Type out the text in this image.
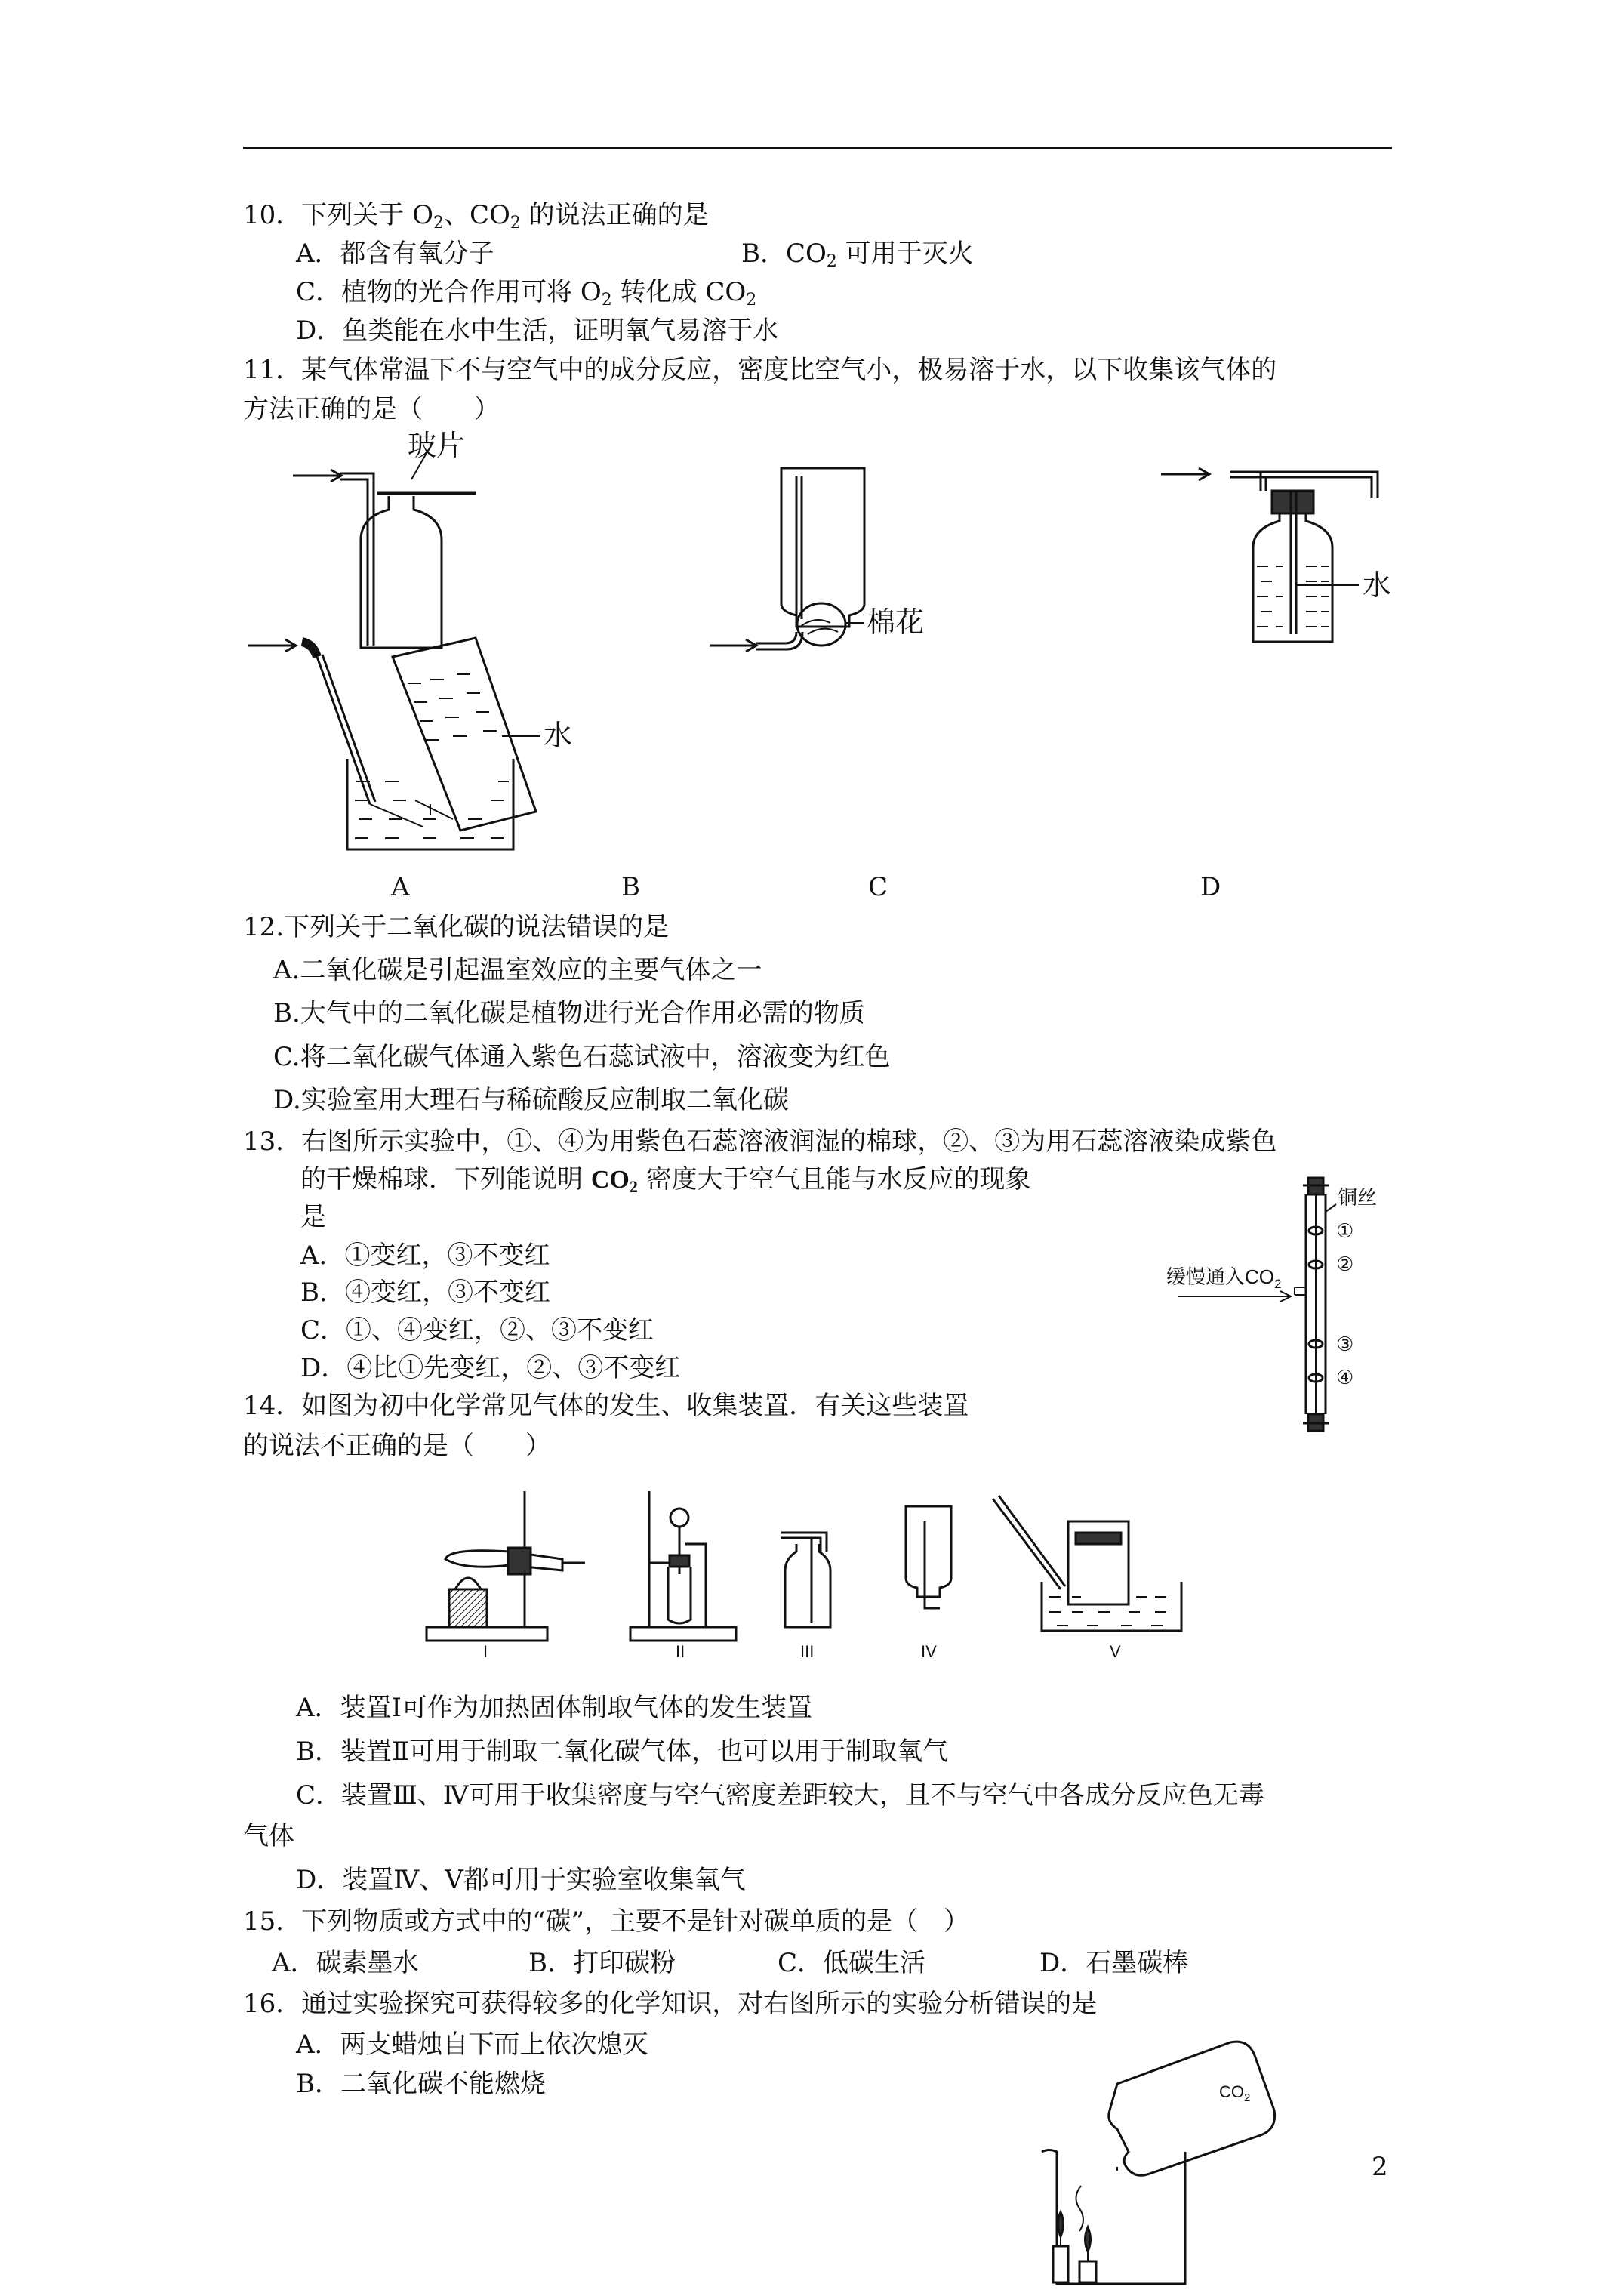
10．下列关于 $O_2$、$CO_2$ 的说法正确的是
A．都含有氧分子	B．$CO_2$ 可用于灭火
C．植物的光合作用可将 $O_2$ 转化成 $CO_2$
D．鱼类能在水中生活，证明氧气易溶于水
11．某气体常温下不与空气中的成分反应，密度比空气小，极易溶于水，以下收集该气体的
方法正确的是（　　）
玻片
棉花
水
水
A	B	C	D
12.下列关于二氧化碳的说法错误的是
A.二氧化碳是引起温室效应的主要气体之一
B.大气中的二氧化碳是植物进行光合作用必需的物质
C.将二氧化碳气体通入紫色石蕊试液中，溶液变为红色
D.实验室用大理石与稀硫酸反应制取二氧化碳
13．右图所示实验中，①、④为用紫色石蕊溶液润湿的棉球，②、③为用石蕊溶液染成紫色
的干燥棉球．下列能说明 $CO_2$ 密度大于空气且能与水反应的现象
是
A．①变红，③不变红
B．④变红，③不变红
C．①、④变红，②、③不变红
D．④比①先变红，②、③不变红
铜丝
缓慢通入$CO_2$
①
②
③
④
14．如图为初中化学常见气体的发生、收集装置．有关这些装置
的说法不正确的是（　　）
I	II	III	IV	V
A．装置Ⅰ可作为加热固体制取气体的发生装置
B．装置Ⅱ可用于制取二氧化碳气体，也可以用于制取氧气
C．装置Ⅲ、Ⅳ可用于收集密度与空气密度差距较大，且不与空气中各成分反应色无毒
气体
D．装置Ⅳ、Ⅴ都可用于实验室收集氧气
15．下列物质或方式中的“碳”，主要不是针对碳单质的是（　）
A．碳素墨水	B．打印碳粉	C．低碳生活	D．石墨碳棒
16．通过实验探究可获得较多的化学知识，对右图所示的实验分析错误的是
A．两支蜡烛自下而上依次熄灭
B．二氧化碳不能燃烧	$CO_2$
2
